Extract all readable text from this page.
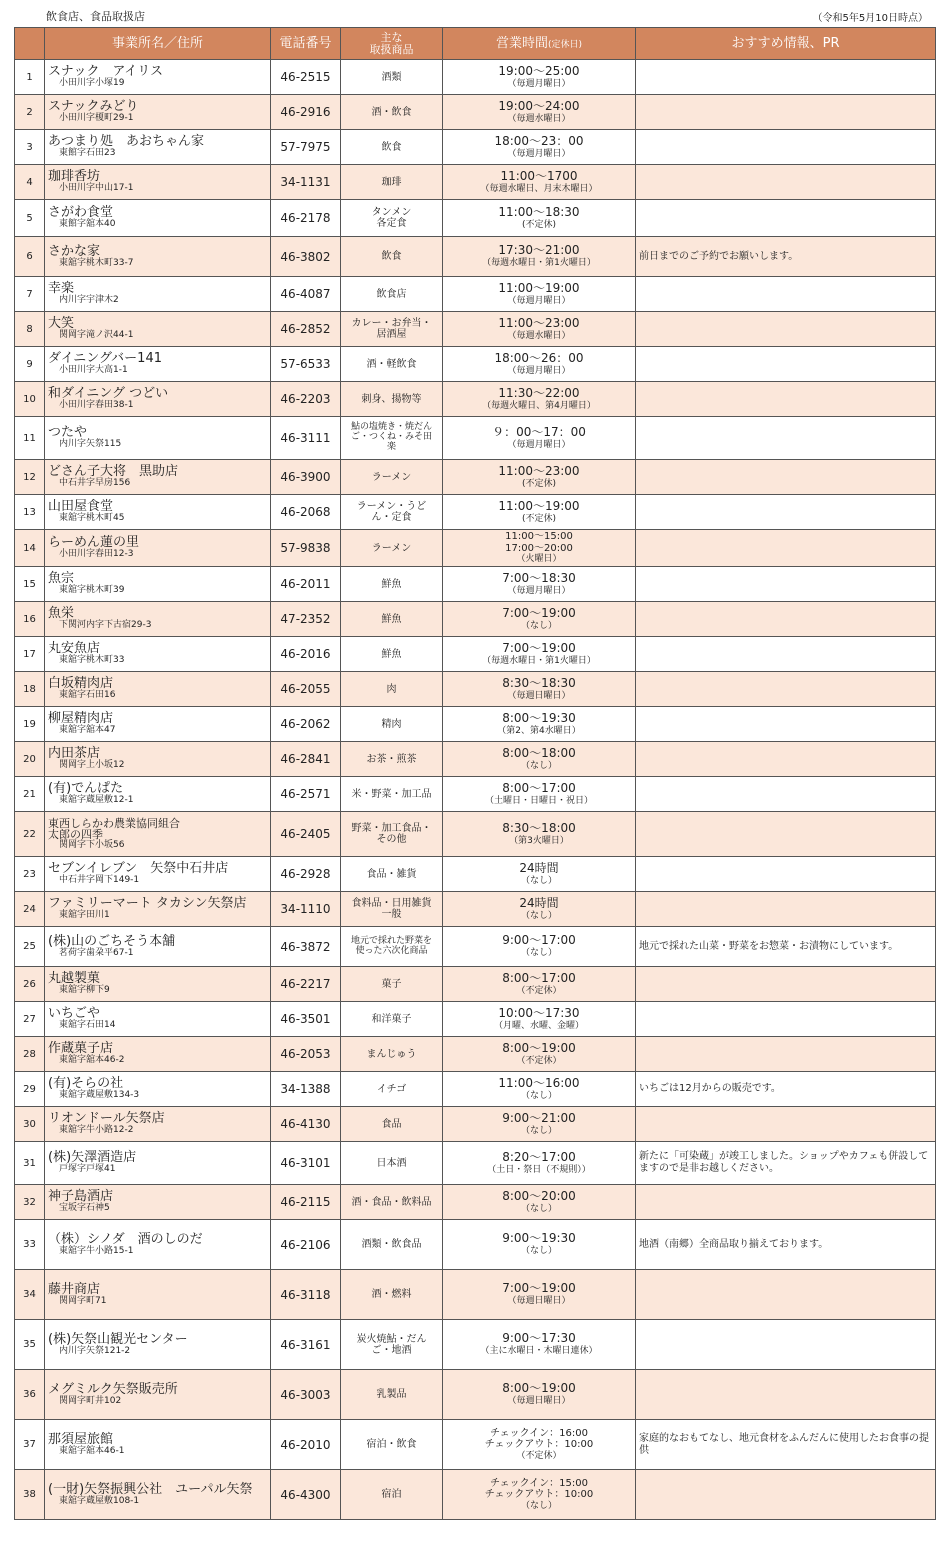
飲食店、食品取扱店	（令和5年5月10日時点）
	事業所名／住所	電話番号	主な
取扱商品	営業時間(定休日)	おすすめ情報、PR
1	スナック　アイリス
小田川字小塚19	46-2515	酒類	19:00～25:00
（毎週月曜日）	

2	スナックみどり
小田川字榎町29-1	46-2916	酒・飲食	19:00～24:00
（毎週水曜日）	

3	あつまり処　あおちゃん家
東館字石田23	57-7975	飲食	18:00～23：00
（毎週月曜日）	

4	珈琲香坊
小田川字中山17-1	34-1131	珈琲	11:00～1700
（毎週水曜日、月末木曜日）	

5	さがわ食堂
東館字舘本40	46-2178	タンメン
各定食	11:00～18:30
(不定休)	

6	さかな家
東舘字桃木町33-7	46-3802	飲食	17:30～21:00
（毎週水曜日・第1火曜日）	前日までのご予約でお願いします。
7	幸楽
内川字宇津木2	46-4087	飲食店	11:00～19:00
（毎週月曜日）	

8	大笑
関岡字滝ノ沢44-1	46-2852	カレー・お弁当・
居酒屋	11:00～23:00
（毎週水曜日）	

9	ダイニングバー141
小田川字大高1-1	57-6533	酒・軽飲食	18:00～26：00
（毎週月曜日）	

10	和ダイニング つどい
小田川字春田38-1	46-2203	刺身、揚物等	11:30～22:00
（毎週火曜日、第4月曜日）	

11	つたや
内川字矢祭115	46-3111	鮎の塩焼き・焼だん
ご・つくね・みそ田
楽	９：00～17：00
（毎週月曜日）	

12	どさん子大将　黒助店
中石井字早房156	46-3900	ラーメン	11:00～23:00
(不定休)	

13	山田屋食堂
東舘字桃木町45	46-2068	ラーメン・うど
ん・定食	11:00～19:00
(不定休)	

14	らーめん蓮の里
小田川字春田12-3	57-9838	ラーメン	11:00～15:00
17:00～20:00
（火曜日）	

15	魚宗
東舘字桃木町39	46-2011	鮮魚	7:00～18:30
（毎週月曜日）	

16	魚栄
下関河内字下古宿29-3	47-2352	鮮魚	7:00～19:00
（なし）	

17	丸安魚店
東舘字桃木町33	46-2016	鮮魚	7:00～19:00
（毎週水曜日・第1火曜日）	

18	白坂精肉店
東舘字石田16	46-2055	肉	8:30～18:30
（毎週日曜日）	

19	柳屋精肉店
東舘字舘本47	46-2062	精肉	8:00～19:30
（第2、第4水曜日）	

20	内田茶店
関岡字上小坂12	46-2841	お茶・煎茶	8:00～18:00
（なし）	

21	(有)でんぱた
東舘字蔵屋敷12-1	46-2571	米・野菜・加工品	8:00～17:00
（土曜日・日曜日・祝日）	

22	東西しらかわ農業協同組合
太郎の四季
関岡字下小坂56	46-2405	野菜・加工食品・
その他	8:30～18:00
（第3火曜日）	

23	セブンイレブン　矢祭中石井店
中石井字岡下149-1	46-2928	食品・雑貨	24時間
（なし）	

24	ファミリーマート タカシン矢祭店
東舘字田川1	34-1110	食料品・日用雑貨
一般	24時間
（なし）	

25	(株)山のごちそう本舗
茗荷字歯朶平67-1	46-3872	地元で採れた野菜を
使った六次化商品	9:00～17:00
（なし）	地元で採れた山菜・野菜をお惣菜・お漬物にしています。
26	丸越製菓
東舘字柳下9	46-2217	菓子	8:00～17:00
（不定休）	

27	いちごや
東舘字石田14	46-3501	和洋菓子	10:00～17:30
（月曜、水曜、金曜）	

28	作蔵菓子店
東舘字舘本46-2	46-2053	まんじゅう	8:00～19:00
（不定休）	

29	(有)そらの社
東舘字蔵屋敷134-3	34-1388	イチゴ	11:00～16:00
（なし）	いちごは12月からの販売です。
30	リオンドール矢祭店
東舘字牛小路12-2	46-4130	食品	9:00～21:00
（なし）	

31	(株)矢澤酒造店
戸塚字戸塚41	46-3101	日本酒	8:20～17:00
（土日・祭日（不規則））	新たに「可染蔵」が竣工しました。ショップやカフェも併設してますので是非お越しください。
32	神子島酒店
宝坂字石神5	46-2115	酒・食品・飲料品	8:00～20:00
（なし）	

33	（株）シノダ　酒のしのだ
東舘字牛小路15-1	46-2106	酒類・飲食品	9:00～19:30
（なし）	地酒（南郷）全商品取り揃えております。
34	藤井商店
関岡字町71	46-3118	酒・燃料	7:00～19:00
（毎週日曜日）	

35	(株)矢祭山観光センター
内川字矢祭121-2	46-3161	炭火焼鮎・だん
ご・地酒	9:00～17:30
（主に水曜日・木曜日連休）	

36	メグミルク矢祭販売所
関岡字町井102	46-3003	乳製品	8:00～19:00
（毎週日曜日）	

37	那須屋旅館
東舘字舘本46-1	46-2010	宿泊・飲食	チェックイン：16:00
チェックアウト：10:00
（不定休）	家庭的なおもてなし、地元食材をふんだんに使用したお食事の提供
38	(一財)矢祭振興公社　ユーパル矢祭
東舘字蔵屋敷108-1	46-4300	宿泊	チェックイン：15:00
チェックアウト：10:00
（なし）	
